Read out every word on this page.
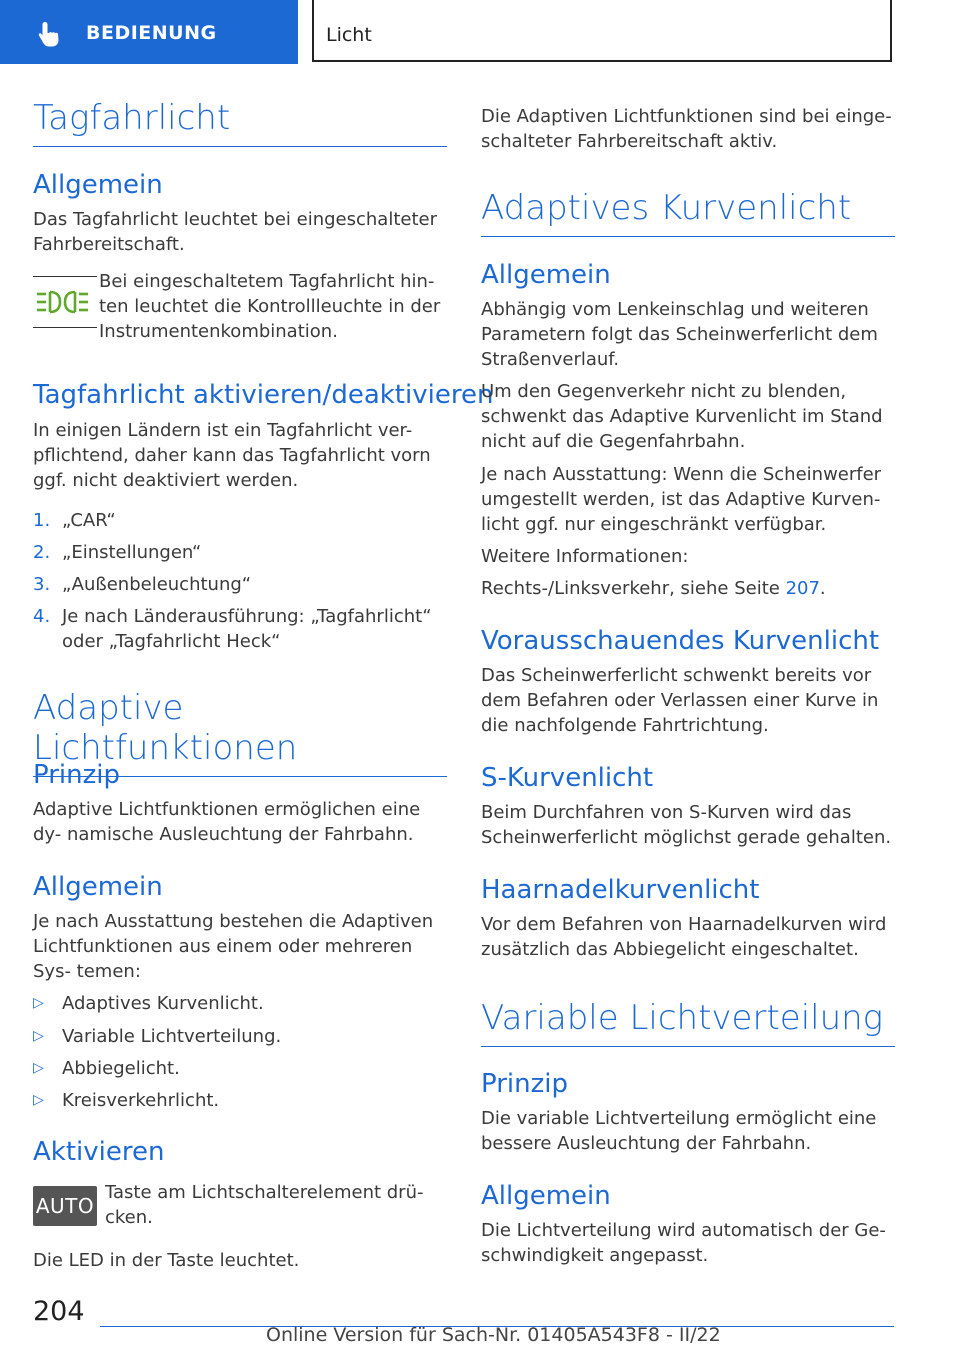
BEDIENUNG	Licht
Tagfahrlicht
Allgemein
Das Tagfahrlicht leuchtet bei eingeschalteter Fahrbereitschaft.
Bei eingeschaltetem Tagfahrlicht hin- ten leuchtet die Kontrollleuchte in der Instrumentenkombination.
Tagfahrlicht aktivieren/deaktivieren
In einigen Ländern ist ein Tagfahrlicht ver- pflichtend, daher kann das Tagfahrlicht vorn ggf. nicht deaktiviert werden.
1. „CAR“
2. „Einstellungen“
3. „Außenbeleuchtung“
4. Je nach Länderausführung: „Tagfahrlicht“ oder „Tagfahrlicht Heck“
Adaptive Lichtfunktionen
Prinzip
Adaptive Lichtfunktionen ermöglichen eine dy- namische Ausleuchtung der Fahrbahn.
Allgemein
Je nach Ausstattung bestehen die Adaptiven Lichtfunktionen aus einem oder mehreren Sys- temen:
▷ Adaptives Kurvenlicht.
▷ Variable Lichtverteilung.
▷ Abbiegelicht.
▷ Kreisverkehrlicht.
Aktivieren
AUTO
Taste am Lichtschalterelement drü- cken.
Die LED in der Taste leuchtet.
Die Adaptiven Lichtfunktionen sind bei einge- schalteter Fahrbereitschaft aktiv.
Adaptives Kurvenlicht
Allgemein
Abhängig vom Lenkeinschlag und weiteren Parametern folgt das Scheinwerferlicht dem Straßenverlauf.
Um den Gegenverkehr nicht zu blenden, schwenkt das Adaptive Kurvenlicht im Stand nicht auf die Gegenfahrbahn.
Je nach Ausstattung: Wenn die Scheinwerfer umgestellt werden, ist das Adaptive Kurven- licht ggf. nur eingeschränkt verfügbar.
Weitere Informationen:
Rechts-/Linksverkehr, siehe Seite 207.
Vorausschauendes Kurvenlicht
Das Scheinwerferlicht schwenkt bereits vor dem Befahren oder Verlassen einer Kurve in die nachfolgende Fahrtrichtung.
S-Kurvenlicht
Beim Durchfahren von S-Kurven wird das Scheinwerferlicht möglichst gerade gehalten.
Haarnadelkurvenlicht
Vor dem Befahren von Haarnadelkurven wird zusätzlich das Abbiegelicht eingeschaltet.
Variable Lichtverteilung
Prinzip
Die variable Lichtverteilung ermöglicht eine bessere Ausleuchtung der Fahrbahn.
Allgemein
Die Lichtverteilung wird automatisch der Ge- schwindigkeit angepasst.
204
Online Version für Sach-Nr. 01405A543F8 - II/22
